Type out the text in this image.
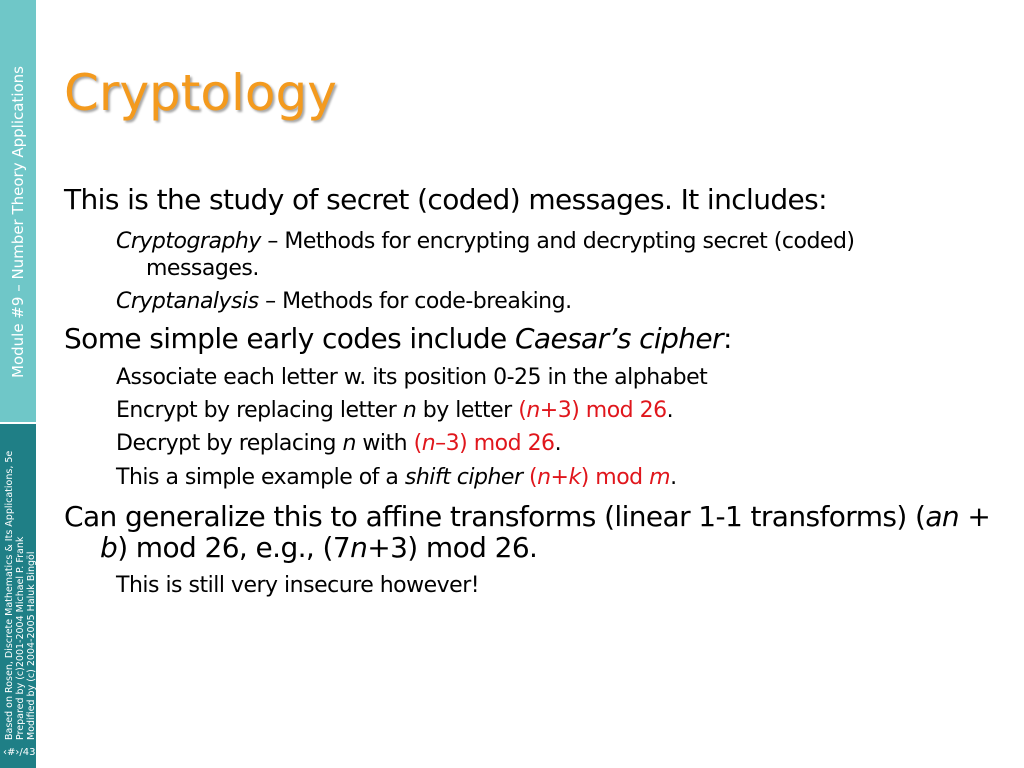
Module #9 – Number Theory Applications
Based on Rosen, Discrete Mathematics & Its Applications, 5e Prepared by (c)2001-2004 Michael P. Frank Modified by (c) 2004-2005 Haluk Bingöl
‹#›/43
Cryptology

This is the study of secret (coded) messages. It includes:

Cryptography – Methods for encrypting and decrypting secret (coded) messages.

Cryptanalysis – Methods for code-breaking.

Some simple early codes include Caesar’s cipher:

Associate each letter w. its position 0-25 in the alphabet

Encrypt by replacing letter n by letter (n+3) mod 26.

Decrypt by replacing n with (n–3) mod 26.

This a simple example of a shift cipher (n+k) mod m.

Can generalize this to affine transforms (linear 1-1 transforms) (an + b) mod 26, e.g., (7n+3) mod 26.

This is still very insecure however!
